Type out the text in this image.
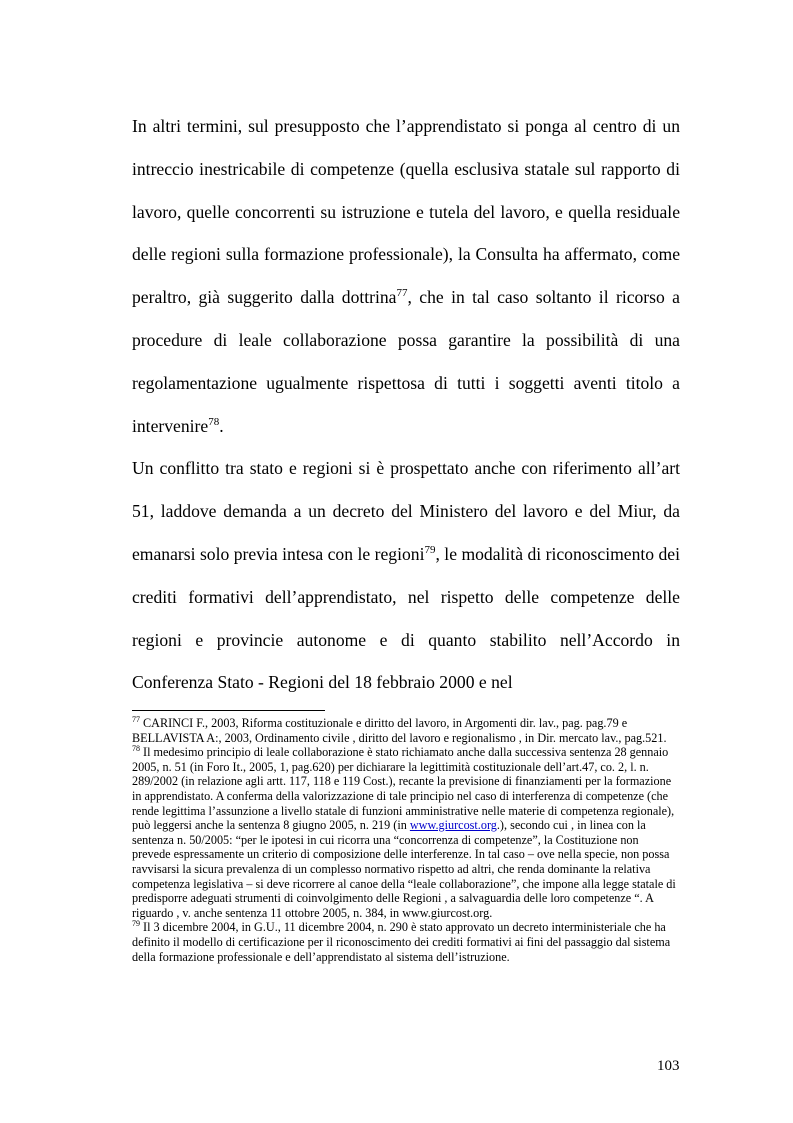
In altri termini, sul presupposto che l’apprendistato si ponga al centro di un intreccio inestricabile di competenze (quella esclusiva statale sul rapporto di lavoro, quelle concorrenti su istruzione e tutela del lavoro, e quella residuale delle regioni sulla formazione professionale), la Consulta ha affermato, come peraltro, già suggerito dalla dottrina$^{77}$, che in tal caso soltanto il ricorso a procedure di leale collaborazione possa garantire la possibilità di una regolamentazione ugualmente rispettosa di tutti i soggetti aventi titolo a intervenire$^{78}$.

Un conflitto tra stato e regioni si è prospettato anche con riferimento all’art 51, laddove demanda a un decreto del Ministero del lavoro e del Miur, da emanarsi solo previa intesa con le regioni$^{79}$, le modalità di riconoscimento dei crediti formativi dell’apprendistato, nel rispetto delle competenze delle regioni e provincie autonome e di quanto stabilito nell’Accordo in Conferenza Stato - Regioni del 18 febbraio 2000 e nel

$^{77}$ CARINCI F., 2003, Riforma costituzionale e diritto del lavoro, in Argomenti dir. lav., pag. pag.79 e BELLAVISTA A:, 2003, Ordinamento civile , diritto del lavoro e regionalismo , in Dir. mercato lav., pag.521.

$^{78}$ Il medesimo principio di leale collaborazione è stato richiamato anche dalla successiva sentenza 28 gennaio 2005, n. 51 (in Foro It., 2005, 1, pag.620) per dichiarare la legittimità costituzionale dell’art.47, co. 2, l. n. 289/2002 (in relazione agli artt. 117, 118 e 119 Cost.), recante la previsione di finanziamenti per la formazione in apprendistato. A conferma della valorizzazione di tale principio nel caso di interferenza di competenze (che rende legittima l’assunzione a livello statale di funzioni amministrative nelle materie di competenza regionale), può leggersi anche la sentenza 8 giugno 2005, n. 219 (in www.giurcost.org.), secondo cui , in linea con la sentenza n. 50/2005: “per le ipotesi in cui ricorra una “concorrenza di competenze”, la Costituzione non prevede espressamente un criterio di composizione delle interferenze. In tal caso – ove nella specie, non possa ravvisarsi la sicura prevalenza di un complesso normativo rispetto ad altri, che renda dominante la relativa competenza legislativa – si deve ricorrere al canoe della “leale collaborazione”, che impone alla legge statale di predisporre adeguati strumenti di coinvolgimento delle Regioni , a salvaguardia delle loro competenze “. A riguardo , v. anche sentenza 11 ottobre 2005, n. 384, in www.giurcost.org.

$^{79}$ Il 3 dicembre 2004, in G.U., 11 dicembre 2004, n. 290 è stato approvato un decreto interministeriale che ha definito il modello di certificazione per il riconoscimento dei crediti formativi ai fini del passaggio dal sistema della formazione professionale e dell’apprendistato al sistema dell’istruzione.

103
